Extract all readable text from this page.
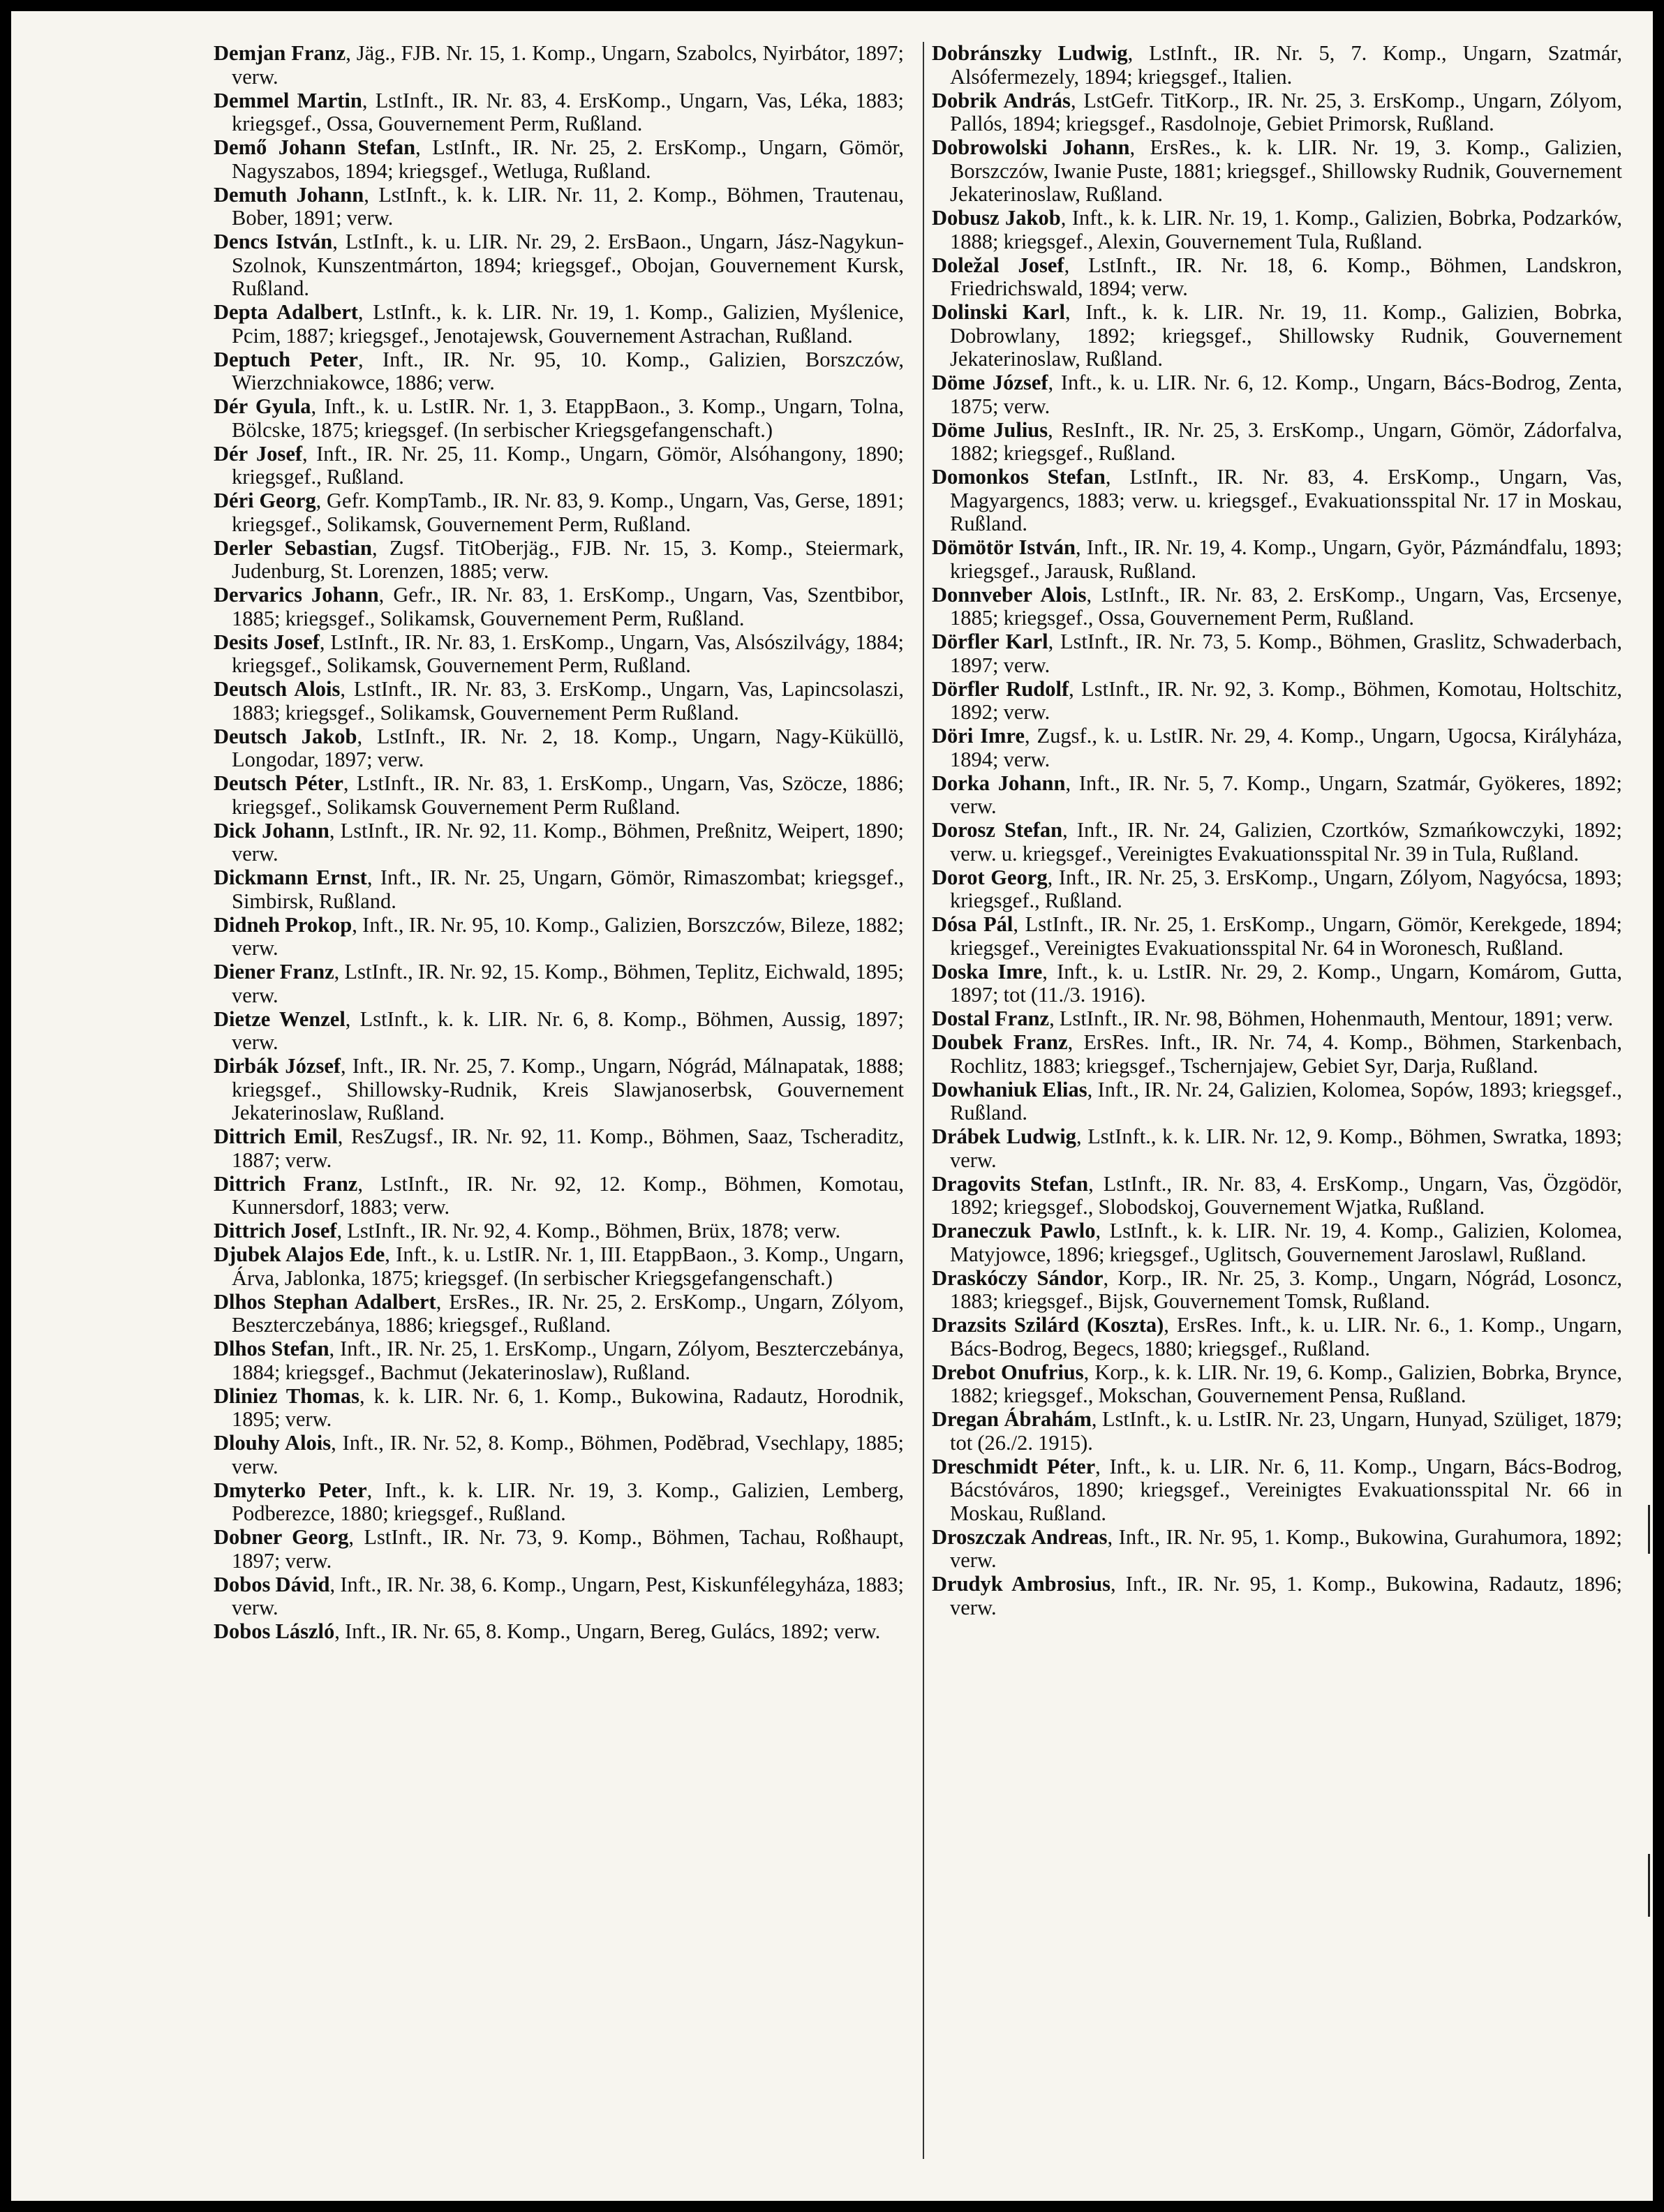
Demjan Franz, Jäg., FJB. Nr. 15, 1. Komp., Ungarn, Szabolcs, Nyirbátor, 1897; verw.

Demmel Martin, LstInft., IR. Nr. 83, 4. ErsKomp., Ungarn, Vas, Léka, 1883; kriegsgef., Ossa, Gouvernement Perm, Rußland.

Demő Johann Stefan, LstInft., IR. Nr. 25, 2. ErsKomp., Ungarn, Gömör, Nagyszabos, 1894; kriegsgef., Wetluga, Rußland.

Demuth Johann, LstInft., k. k. LIR. Nr. 11, 2. Komp., Böhmen, Trautenau, Bober, 1891; verw.

Dencs István, LstInft., k. u. LIR. Nr. 29, 2. ErsBaon., Ungarn, Jász-Nagykun-Szolnok, Kunszentmárton, 1894; kriegsgef., Obojan, Gouvernement Kursk, Rußland.

Depta Adalbert, LstInft., k. k. LIR. Nr. 19, 1. Komp., Galizien, Myślenice, Pcim, 1887; kriegsgef., Jenotajewsk, Gouvernement Astrachan, Rußland.

Deptuch Peter, Inft., IR. Nr. 95, 10. Komp., Galizien, Borszczów, Wierzchniakowce, 1886; verw.

Dér Gyula, Inft., k. u. LstIR. Nr. 1, 3. EtappBaon., 3. Komp., Ungarn, Tolna, Bölcske, 1875; kriegsgef. (In serbischer Kriegsgefangenschaft.)

Dér Josef, Inft., IR. Nr. 25, 11. Komp., Ungarn, Gömör, Alsóhangony, 1890; kriegsgef., Rußland.

Déri Georg, Gefr. KompTamb., IR. Nr. 83, 9. Komp., Ungarn, Vas, Gerse, 1891; kriegsgef., Solikamsk, Gouvernement Perm, Rußland.

Derler Sebastian, Zugsf. TitOberjäg., FJB. Nr. 15, 3. Komp., Steiermark, Judenburg, St. Lorenzen, 1885; verw.

Dervarics Johann, Gefr., IR. Nr. 83, 1. ErsKomp., Ungarn, Vas, Szentbibor, 1885; kriegsgef., Solikamsk, Gouvernement Perm, Rußland.

Desits Josef, LstInft., IR. Nr. 83, 1. ErsKomp., Ungarn, Vas, Alsószilvágy, 1884; kriegsgef., Solikamsk, Gouvernement Perm, Rußland.

Deutsch Alois, LstInft., IR. Nr. 83, 3. ErsKomp., Ungarn, Vas, Lapincsolaszi, 1883; kriegsgef., Solikamsk, Gouvernement Perm Rußland.

Deutsch Jakob, LstInft., IR. Nr. 2, 18. Komp., Ungarn, Nagy-Küküllö, Longodar, 1897; verw.

Deutsch Péter, LstInft., IR. Nr. 83, 1. ErsKomp., Ungarn, Vas, Szöcze, 1886; kriegsgef., Solikamsk Gouvernement Perm Rußland.

Dick Johann, LstInft., IR. Nr. 92, 11. Komp., Böhmen, Preßnitz, Weipert, 1890; verw.

Dickmann Ernst, Inft., IR. Nr. 25, Ungarn, Gömör, Rimaszombat; kriegsgef., Simbirsk, Rußland.

Didneh Prokop, Inft., IR. Nr. 95, 10. Komp., Galizien, Borszczów, Bileze, 1882; verw.

Diener Franz, LstInft., IR. Nr. 92, 15. Komp., Böhmen, Teplitz, Eichwald, 1895; verw.

Dietze Wenzel, LstInft., k. k. LIR. Nr. 6, 8. Komp., Böhmen, Aussig, 1897; verw.

Dirbák József, Inft., IR. Nr. 25, 7. Komp., Ungarn, Nógrád, Málnapatak, 1888; kriegsgef., Shillowsky-Rudnik, Kreis Slawjanoserbsk, Gouvernement Jekaterinoslaw, Rußland.

Dittrich Emil, ResZugsf., IR. Nr. 92, 11. Komp., Böhmen, Saaz, Tscheraditz, 1887; verw.

Dittrich Franz, LstInft., IR. Nr. 92, 12. Komp., Böhmen, Komotau, Kunnersdorf, 1883; verw.

Dittrich Josef, LstInft., IR. Nr. 92, 4. Komp., Böhmen, Brüx, 1878; verw.

Djubek Alajos Ede, Inft., k. u. LstIR. Nr. 1, III. EtappBaon., 3. Komp., Ungarn, Árva, Jablonka, 1875; kriegsgef. (In serbischer Kriegsgefangenschaft.)

Dlhos Stephan Adalbert, ErsRes., IR. Nr. 25, 2. ErsKomp., Ungarn, Zólyom, Beszterczebánya, 1886; kriegsgef., Rußland.

Dlhos Stefan, Inft., IR. Nr. 25, 1. ErsKomp., Ungarn, Zólyom, Beszterczebánya, 1884; kriegsgef., Bachmut (Jekaterinoslaw), Rußland.

Dliniez Thomas, k. k. LIR. Nr. 6, 1. Komp., Bukowina, Radautz, Horodnik, 1895; verw.

Dlouhy Alois, Inft., IR. Nr. 52, 8. Komp., Böhmen, Podĕbrad, Vsechlapy, 1885; verw.

Dmyterko Peter, Inft., k. k. LIR. Nr. 19, 3. Komp., Galizien, Lemberg, Podberezce, 1880; kriegsgef., Rußland.

Dobner Georg, LstInft., IR. Nr. 73, 9. Komp., Böhmen, Tachau, Roßhaupt, 1897; verw.

Dobos Dávid, Inft., IR. Nr. 38, 6. Komp., Ungarn, Pest, Kiskunfélegyháza, 1883; verw.

Dobos László, Inft., IR. Nr. 65, 8. Komp., Ungarn, Bereg, Gulács, 1892; verw.

Dobránszky Ludwig, LstInft., IR. Nr. 5, 7. Komp., Ungarn, Szatmár, Alsófermezely, 1894; kriegsgef., Italien.

Dobrik András, LstGefr. TitKorp., IR. Nr. 25, 3. ErsKomp., Ungarn, Zólyom, Pallós, 1894; kriegsgef., Rasdolnoje, Gebiet Primorsk, Rußland.

Dobrowolski Johann, ErsRes., k. k. LIR. Nr. 19, 3. Komp., Galizien, Borszczów, Iwanie Puste, 1881; kriegsgef., Shillowsky Rudnik, Gouvernement Jekaterinoslaw, Rußland.

Dobusz Jakob, Inft., k. k. LIR. Nr. 19, 1. Komp., Galizien, Bobrka, Podzarków, 1888; kriegsgef., Alexin, Gouvernement Tula, Rußland.

Doležal Josef, LstInft., IR. Nr. 18, 6. Komp., Böhmen, Landskron, Friedrichswald, 1894; verw.

Dolinski Karl, Inft., k. k. LIR. Nr. 19, 11. Komp., Galizien, Bobrka, Dobrowlany, 1892; kriegsgef., Shillowsky Rudnik, Gouvernement Jekaterinoslaw, Rußland.

Döme József, Inft., k. u. LIR. Nr. 6, 12. Komp., Ungarn, Bács-Bodrog, Zenta, 1875; verw.

Döme Julius, ResInft., IR. Nr. 25, 3. ErsKomp., Ungarn, Gömör, Zádorfalva, 1882; kriegsgef., Rußland.

Domonkos Stefan, LstInft., IR. Nr. 83, 4. ErsKomp., Ungarn, Vas, Magyargencs, 1883; verw. u. kriegsgef., Evakuationsspital Nr. 17 in Moskau, Rußland.

Dömötör István, Inft., IR. Nr. 19, 4. Komp., Ungarn, Györ, Pázmándfalu, 1893; kriegsgef., Jarausk, Rußland.

Donnveber Alois, LstInft., IR. Nr. 83, 2. ErsKomp., Ungarn, Vas, Ercsenye, 1885; kriegsgef., Ossa, Gouvernement Perm, Rußland.

Dörfler Karl, LstInft., IR. Nr. 73, 5. Komp., Böhmen, Graslitz, Schwaderbach, 1897; verw.

Dörfler Rudolf, LstInft., IR. Nr. 92, 3. Komp., Böhmen, Komotau, Holtschitz, 1892; verw.

Döri Imre, Zugsf., k. u. LstIR. Nr. 29, 4. Komp., Ungarn, Ugocsa, Királyháza, 1894; verw.

Dorka Johann, Inft., IR. Nr. 5, 7. Komp., Ungarn, Szatmár, Gyökeres, 1892; verw.

Dorosz Stefan, Inft., IR. Nr. 24, Galizien, Czortków, Szmańkowczyki, 1892; verw. u. kriegsgef., Vereinigtes Evakuationsspital Nr. 39 in Tula, Rußland.

Dorot Georg, Inft., IR. Nr. 25, 3. ErsKomp., Ungarn, Zólyom, Nagyócsa, 1893; kriegsgef., Rußland.

Dósa Pál, LstInft., IR. Nr. 25, 1. ErsKomp., Ungarn, Gömör, Kerekgede, 1894; kriegsgef., Vereinigtes Evakuationsspital Nr. 64 in Woronesch, Rußland.

Doska Imre, Inft., k. u. LstIR. Nr. 29, 2. Komp., Ungarn, Komárom, Gutta, 1897; tot (11./3. 1916).

Dostal Franz, LstInft., IR. Nr. 98, Böhmen, Hohenmauth, Mentour, 1891; verw.

Doubek Franz, ErsRes. Inft., IR. Nr. 74, 4. Komp., Böhmen, Starkenbach, Rochlitz, 1883; kriegsgef., Tschernjajew, Gebiet Syr, Darja, Rußland.

Dowhaniuk Elias, Inft., IR. Nr. 24, Galizien, Kolomea, Sopów, 1893; kriegsgef., Rußland.

Drábek Ludwig, LstInft., k. k. LIR. Nr. 12, 9. Komp., Böhmen, Swratka, 1893; verw.

Dragovits Stefan, LstInft., IR. Nr. 83, 4. ErsKomp., Ungarn, Vas, Özgödör, 1892; kriegsgef., Slobodskoj, Gouvernement Wjatka, Rußland.

Draneczuk Pawlo, LstInft., k. k. LIR. Nr. 19, 4. Komp., Galizien, Kolomea, Matyjowce, 1896; kriegsgef., Uglitsch, Gouvernement Jaroslawl, Rußland.

Draskóczy Sándor, Korp., IR. Nr. 25, 3. Komp., Ungarn, Nógrád, Losoncz, 1883; kriegsgef., Bijsk, Gouvernement Tomsk, Rußland.

Drazsits Szilárd (Koszta), ErsRes. Inft., k. u. LIR. Nr. 6., 1. Komp., Ungarn, Bács-Bodrog, Begecs, 1880; kriegsgef., Rußland.

Drebot Onufrius, Korp., k. k. LIR. Nr. 19, 6. Komp., Galizien, Bobrka, Brynce, 1882; kriegsgef., Mokschan, Gouvernement Pensa, Rußland.

Dregan Ábrahám, LstInft., k. u. LstIR. Nr. 23, Ungarn, Hunyad, Szüliget, 1879; tot (26./2. 1915).

Dreschmidt Péter, Inft., k. u. LIR. Nr. 6, 11. Komp., Ungarn, Bács-Bodrog, Bácstóváros, 1890; kriegsgef., Vereinigtes Evakuationsspital Nr. 66 in Moskau, Rußland.

Droszczak Andreas, Inft., IR. Nr. 95, 1. Komp., Bukowina, Gurahumora, 1892; verw.

Drudyk Ambrosius, Inft., IR. Nr. 95, 1. Komp., Bukowina, Radautz, 1896; verw.
